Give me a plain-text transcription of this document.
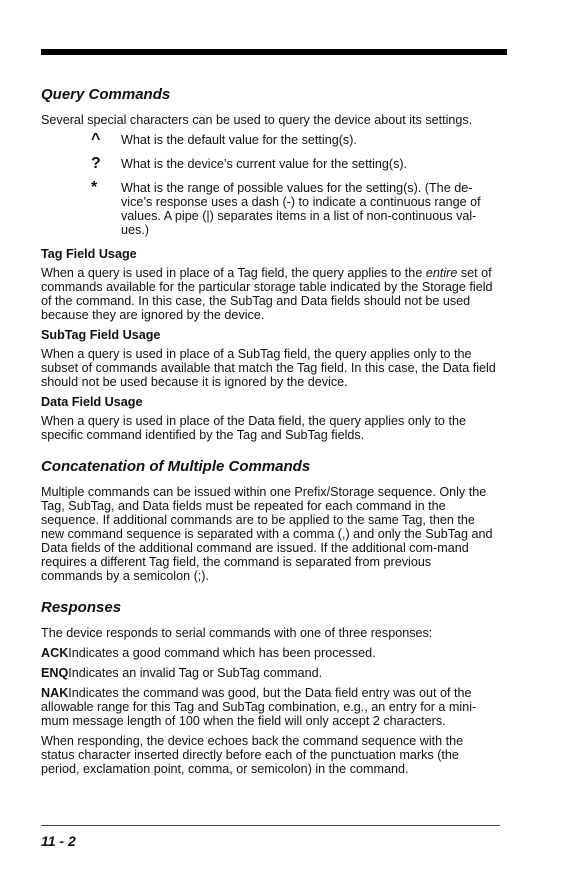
Query Commands

Several special characters can be used to query the device about its settings.

^	What is the default value for the setting(s).
?	What is the device’s current value for the setting(s).
*	What is the range of possible values for the setting(s). (The de-vice’s response uses a dash (-) to indicate a continuous range of values. A pipe (|) separates items in a list of non-continuous val-ues.)
Tag Field Usage

When a query is used in place of a Tag field, the query applies to the entire set of commands available for the particular storage table indicated by the Storage field of the command. In this case, the SubTag and Data fields should not be used because they are ignored by the device.

SubTag Field Usage

When a query is used in place of a SubTag field, the query applies only to the subset of commands available that match the Tag field. In this case, the Data field should not be used because it is ignored by the device.

Data Field Usage

When a query is used in place of the Data field, the query applies only to the specific command identified by the Tag and SubTag fields.

Concatenation of Multiple Commands

Multiple commands can be issued within one Prefix/Storage sequence. Only the Tag, SubTag, and Data fields must be repeated for each command in the sequence. If additional commands are to be applied to the same Tag, then the new command sequence is separated with a comma (,) and only the SubTag and Data fields of the additional command are issued. If the additional com-mand requires a different Tag field, the command is separated from previous commands by a semicolon (;).

Responses

The device responds to serial commands with one of three responses:

ACKIndicates a good command which has been processed.

ENQIndicates an invalid Tag or SubTag command.

NAKIndicates the command was good, but the Data field entry was out of the allowable range for this Tag and SubTag combination, e.g., an entry for a mini-mum message length of 100 when the field will only accept 2 characters.

When responding, the device echoes back the command sequence with the status character inserted directly before each of the punctuation marks (the period, exclamation point, comma, or semicolon) in the command.

11 - 2
